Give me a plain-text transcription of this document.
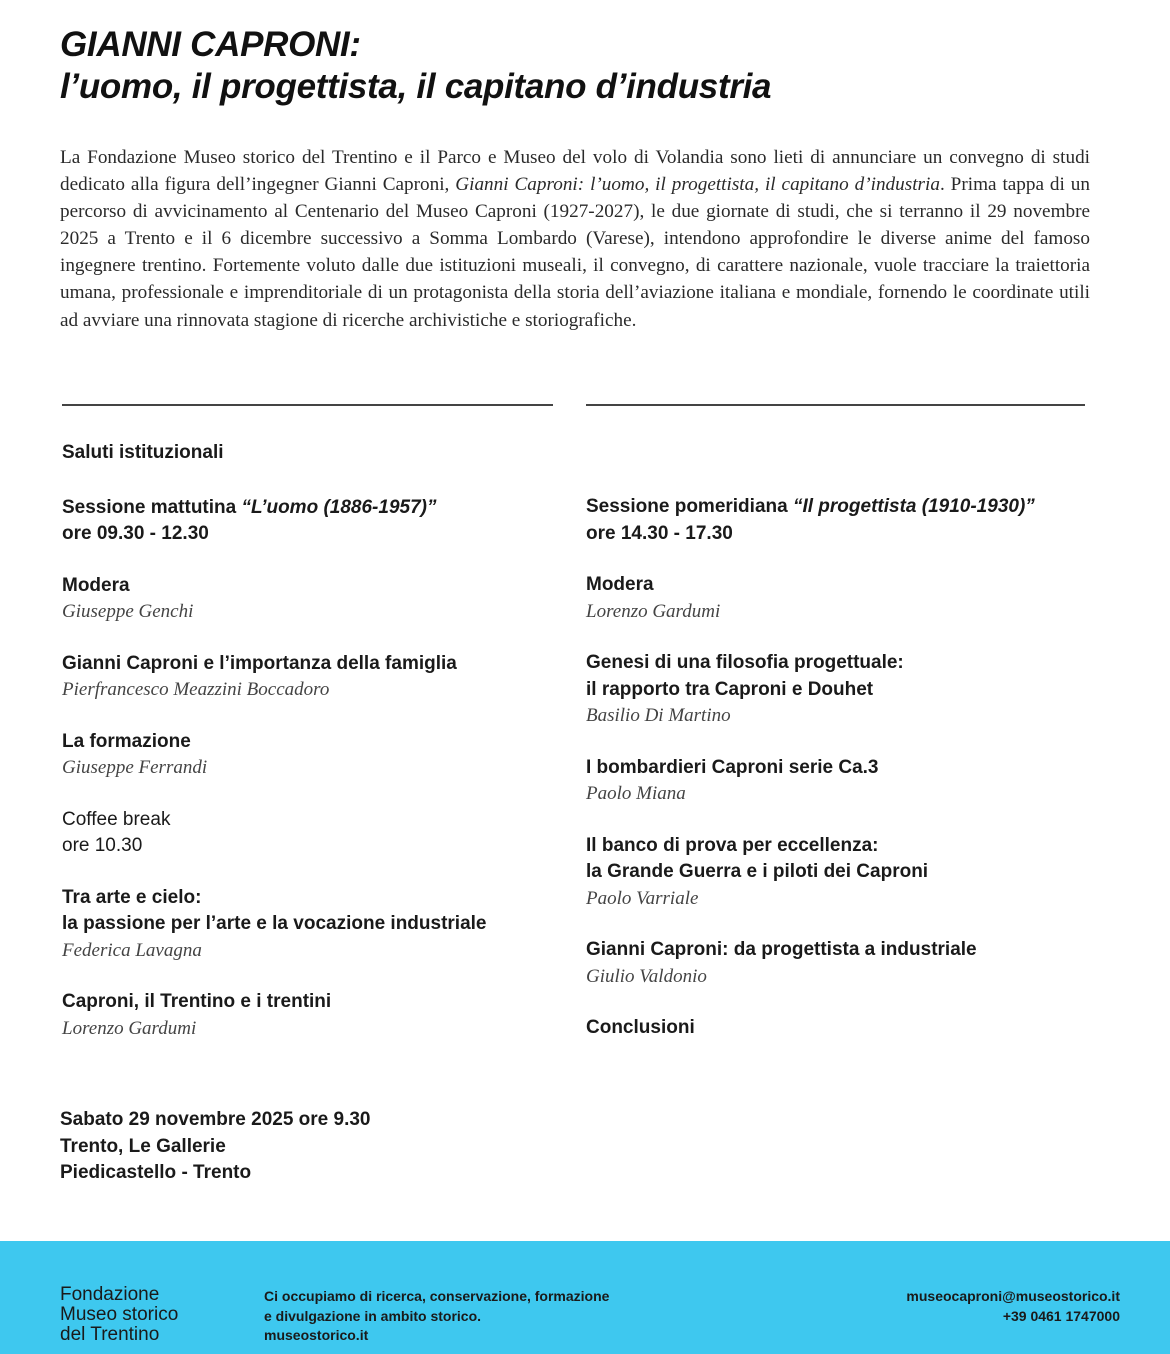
GIANNI CAPRONI:
l’uomo, il progettista, il capitano d’industria
La Fondazione Museo storico del Trentino e il Parco e Museo del volo di Volandia sono lieti di annunciare un convegno di studi dedicato alla figura dell’ingegner Gianni Caproni, Gianni Caproni: l’uomo, il progettista, il capitano d’industria. Prima tappa di un percorso di avvicinamento al Centenario del Museo Caproni (1927-2027), le due giornate di studi, che si terranno il 29 novembre 2025 a Trento e il 6 dicembre successivo a Somma Lombardo (Varese), intendono approfondire le diverse anime del famoso ingegnere trentino. Fortemente voluto dalle due istituzioni museali, il convegno, di carattere nazionale, vuole tracciare la traiettoria umana, professionale e imprenditoriale di un protagonista della storia dell’aviazione italiana e mondiale, fornendo le coordinate utili ad avviare una rinnovata stagione di ricerche archivistiche e storiografiche.
Saluti istituzionali
Sessione mattutina “L’uomo (1886-1957)”
ore 09.30 - 12.30
Modera
Giuseppe Genchi
Gianni Caproni e l’importanza della famiglia
Pierfrancesco Meazzini Boccadoro
La formazione
Giuseppe Ferrandi
Coffee break
ore 10.30
Tra arte e cielo:
la passione per l’arte e la vocazione industriale
Federica Lavagna
Caproni, il Trentino e i trentini
Lorenzo Gardumi
Sessione pomeridiana “Il progettista (1910-1930)”
ore 14.30 - 17.30
Modera
Lorenzo Gardumi
Genesi di una filosofia progettuale:
il rapporto tra Caproni e Douhet
Basilio Di Martino
I bombardieri Caproni serie Ca.3
Paolo Miana
Il banco di prova per eccellenza:
la Grande Guerra e i piloti dei Caproni
Paolo Varriale
Gianni Caproni: da progettista a industriale
Giulio Valdonio
Conclusioni
Sabato 29 novembre 2025 ore 9.30
Trento, Le Gallerie
Piedicastello - Trento
Fondazione
Museo storico
del Trentino
Ci occupiamo di ricerca, conservazione, formazione
e divulgazione in ambito storico.
museostorico.it
museocaproni@museostorico.it
+39 0461 1747000
